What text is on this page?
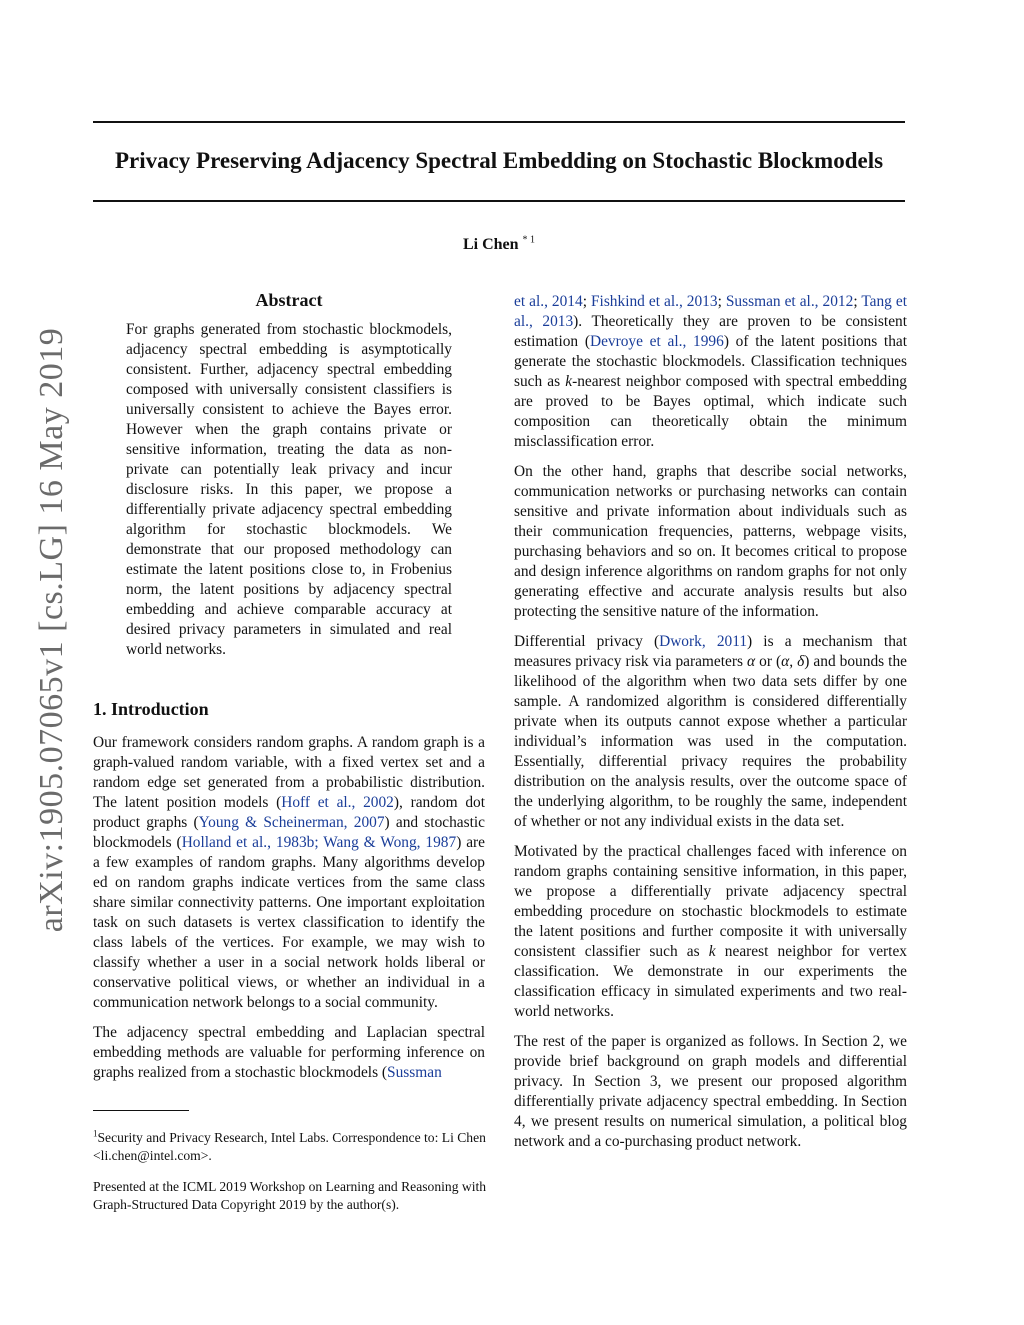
arXiv:1905.07065v1 [cs.LG] 16 May 2019
Privacy Preserving Adjacency Spectral Embedding on Stochastic Blockmodels
Li Chen $^{* 1}$
Abstract

For graphs generated from stochastic blockmodels, adjacency spectral embedding is asymptotically consistent. Further, adjacency spectral embedding composed with universally consistent classifiers is universally consistent to achieve the Bayes error. However when the graph contains private or sensitive information, treating the data as non-private can potentially leak privacy and incur disclosure risks. In this paper, we propose a differentially private adjacency spectral embedding algorithm for stochastic blockmodels. We demonstrate that our proposed methodology can estimate the latent positions close to, in Frobenius norm, the latent positions by adjacency spectral embedding and achieve comparable accuracy at desired privacy parameters in simulated and real world networks.

1. Introduction

Our framework considers random graphs. A random graph is a graph-valued random variable, with a fixed vertex set and a random edge set generated from a probabilistic distribution. The latent position models (Hoff et al., 2002), random dot product graphs (Young & Scheinerman, 2007) and stochastic blockmodels (Holland et al., 1983b; Wang & Wong, 1987) are a few examples of random graphs. Many algorithms develop ed on random graphs indicate vertices from the same class share similar connectivity patterns. One important exploitation task on such datasets is vertex classification to identify the class labels of the vertices. For example, we may wish to classify whether a user in a social network holds liberal or conservative political views, or whether an individual in a communication network belongs to a social community.

The adjacency spectral embedding and Laplacian spectral embedding methods are valuable for performing inference on graphs realized from a stochastic blockmodels (Sussman

$^1$Security and Privacy Research, Intel Labs. Correspondence to: Li Chen <li.chen@intel.com>.

Presented at the ICML 2019 Workshop on Learning and Reasoning with Graph-Structured Data Copyright 2019 by the author(s).

et al., 2014; Fishkind et al., 2013; Sussman et al., 2012; Tang et al., 2013). Theoretically they are proven to be consistent estimation (Devroye et al., 1996) of the latent positions that generate the stochastic blockmodels. Classification techniques such as k-nearest neighbor composed with spectral embedding are proved to be Bayes optimal, which indicate such composition can theoretically obtain the minimum misclassification error.

On the other hand, graphs that describe social networks, communication networks or purchasing networks can contain sensitive and private information about individuals such as their communication frequencies, patterns, webpage visits, purchasing behaviors and so on. It becomes critical to propose and design inference algorithms on random graphs for not only generating effective and accurate analysis results but also protecting the sensitive nature of the information.

Differential privacy (Dwork, 2011) is a mechanism that measures privacy risk via parameters α or (α, δ) and bounds the likelihood of the algorithm when two data sets differ by one sample. A randomized algorithm is considered differentially private when its outputs cannot expose whether a particular individual’s information was used in the computation. Essentially, differential privacy requires the probability distribution on the analysis results, over the outcome space of the underlying algorithm, to be roughly the same, independent of whether or not any individual exists in the data set.

Motivated by the practical challenges faced with inference on random graphs containing sensitive information, in this paper, we propose a differentially private adjacency spectral embedding procedure on stochastic blockmodels to estimate the latent positions and further composite it with universally consistent classifier such as k nearest neighbor for vertex classification. We demonstrate in our experiments the classification efficacy in simulated experiments and two real-world networks.

The rest of the paper is organized as follows. In Section 2, we provide brief background on graph models and differential privacy. In Section 3, we present our proposed algorithm differentially private adjacency spectral embedding. In Section 4, we present results on numerical simulation, a political blog network and a co-purchasing product network.
